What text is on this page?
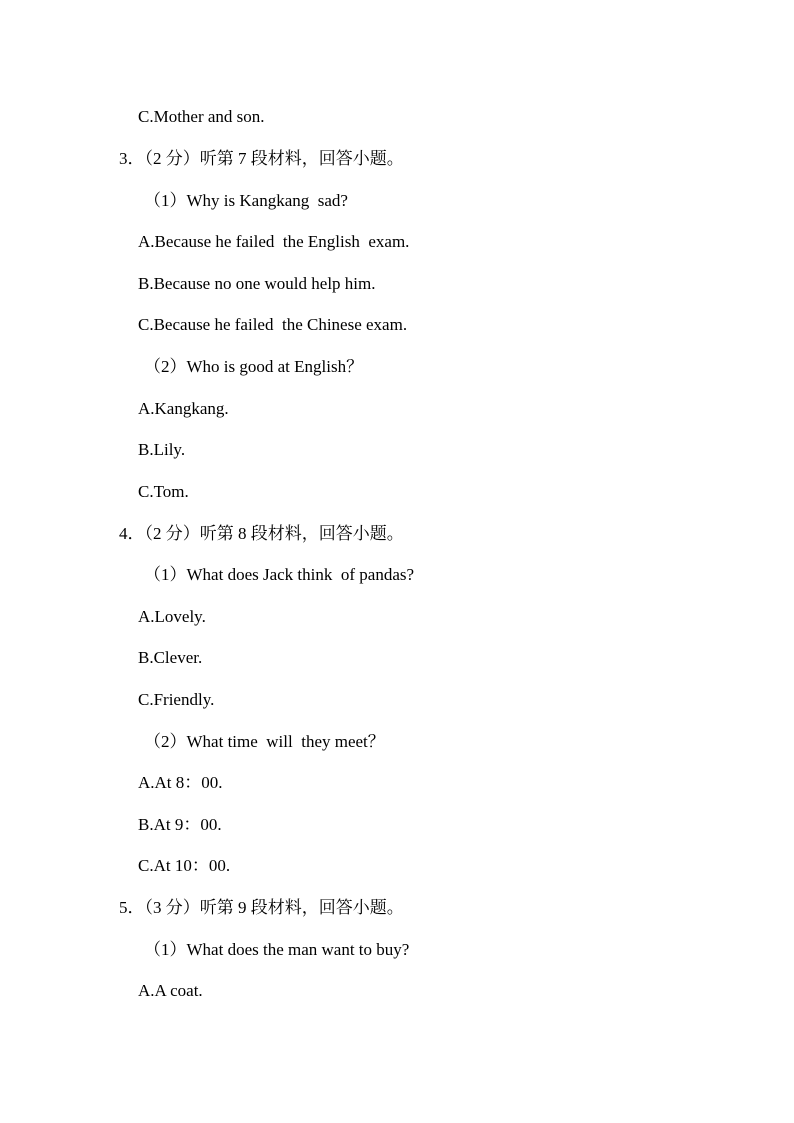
C.Mother and son.
3．（2 分）听第 7 段材料，回答小题。
（1）Why is Kangkang  sad?
A.Because he failed  the English  exam.
B.Because no one would help him.
C.Because he failed  the Chinese exam.
（2）Who is good at English？
A.Kangkang.
B.Lily.
C.Tom.
4．（2 分）听第 8 段材料，回答小题。
（1）What does Jack think  of pandas?
A.Lovely.
B.Clever.
C.Friendly.
（2）What time  will  they meet？
A.At 8：00.
B.At 9：00.
C.At 10：00.
5．（3 分）听第 9 段材料，回答小题。
（1）What does the man want to buy?
A.A coat.
